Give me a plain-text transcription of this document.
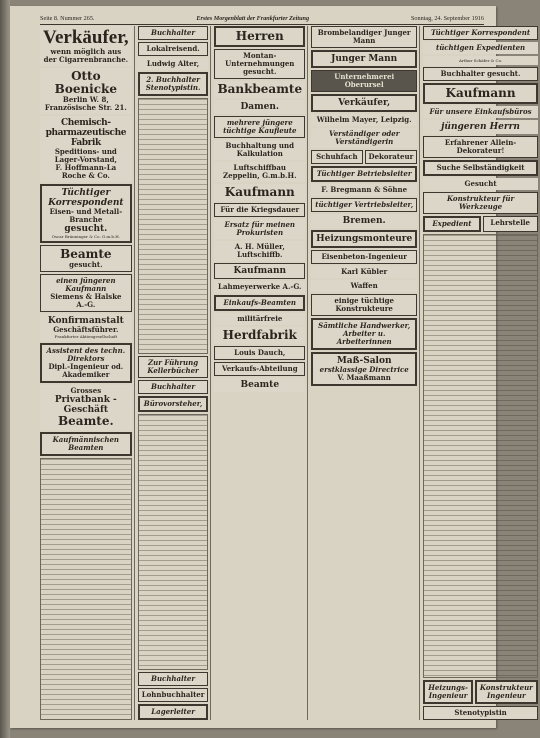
Seite 8. Nummer 265.	Erstes Morgenblatt der Frankfurter Zeitung	Sonntag, 24. September 1916
Verkäufer,
wenn möglich aus der Cigarrenbranche.
Otto Boenicke
Berlin W. 8, Französische Str. 21.
Chemisch-pharmazeutische Fabrik
Speditions- und Lager-Vorstand,
F. Hoffmann-La Roche & Co.
Tüchtiger Korrespondent
Eisen- und Metall-Branche
gesucht.
Oscar Bräuninger & Co. G.m.b.H.
Beamte
gesucht.
einen jüngeren Kaufmann
Siemens & Halske A.-G.
Konfirmanstalt
Geschäftsführer.
Frankfurter Aktiengesellschaft
Assistent des techn. Direktors
Dipl.-Ingenieur od. Akademiker
Grosses
Privatbank - Geschäft
Beamte.
Kaufmännischen Beamten
Buchhalter
Lokalreisend.
Ludwig Alter,
2. Buchhalter Stenotypistin.
Zur Führung Kellerbücher
Buchhalter
Bürovorsteher,
Buchhalter
Lohnbuchhalter
Lagerleiter
Herren
Montan-Unternehmungen gesucht.
Bankbeamte
Damen.
mehrere jüngere tüchtige Kaufleute
Buchhaltung und Kalkulation
Luftschiffbau Zeppelin, G.m.b.H.
Kaufmann
Für die Kriegsdauer
Ersatz für meinen Prokuristen
A. H. Müller, Luftschiffb.
Kaufmann
Lahmeyerwerke A.-G.
Einkaufs-Beamten
militärfreie
Herdfabrik
Louis Dauch,
Verkaufs-Abteilung
Beamte
Brombelandiger Junger Mann
Junger Mann
Unternehmerei Oberursel
Verkäufer,
Wilhelm Mayer, Leipzig.
Verständiger oder Verständigerin
Schuhfach Dekorateur
Tüchtiger Betriebsleiter
F. Bregmann & Söhne
tüchtiger Vertriebsleiter,
Bremen.
Heizungsmonteure
Eisenbeton-Ingenieur
Karl Kübler
Waffen
einige tüchtige Konstrukteure
Sämtliche Handwerker, Arbeiter u. Arbeiterinnen
Maß-Salon
erstklassige Directrice
V. Maaßmann
Tüchtiger Korrespondent
tüchtigen Expedienten
Arthur Schäfer & Co.
Buchhalter gesucht.
Kaufmann
Für unsere Einkaufsbüros
jüngeren Herrn
Erfahrener Allein-Dekorateur!
Suche Selbständigkeit
Gesucht
Konstrukteur für Werkzeuge
Expedient	Lehrstelle
Heizungs-Ingenieur
Konstrukteur Ingenieur
Stenotypistin
